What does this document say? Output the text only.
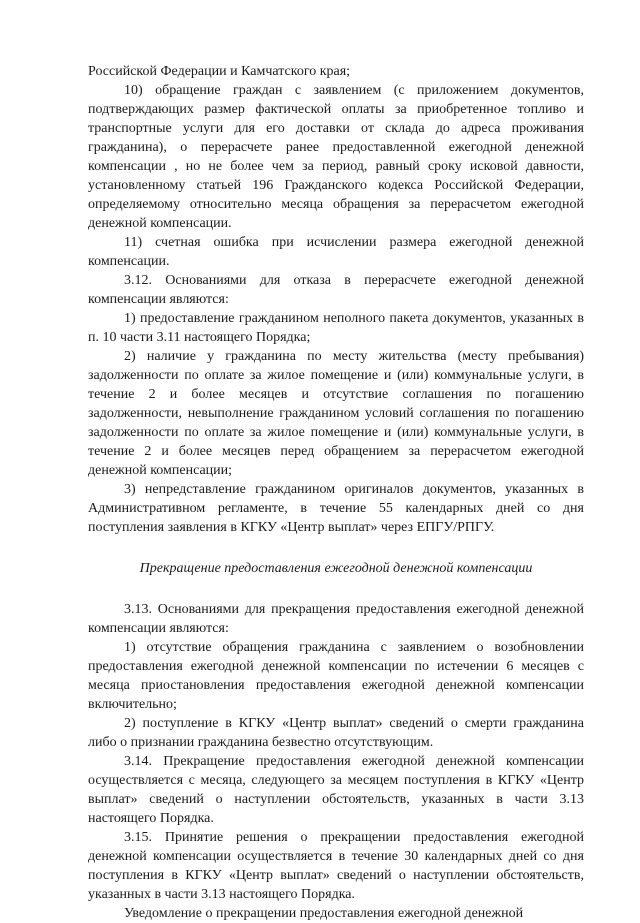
Российской Федерации и Камчатского края;

10) обращение граждан с заявлением (с приложением документов, подтверждающих размер фактической оплаты за приобретенное топливо и транспортные услуги для его доставки от склада до адреса проживания гражданина), о перерасчете ранее предоставленной ежегодной денежной компенсации , но не более чем за период, равный сроку исковой давности, установленному статьей 196 Гражданского кодекса Российской Федерации, определяемому относительно месяца обращения за перерасчетом ежегодной денежной компенсации.

11) счетная ошибка при исчислении размера ежегодной денежной компенсации.

3.12. Основаниями для отказа в перерасчете ежегодной денежной компенсации являются:

1) предоставление гражданином неполного пакета документов, указанных в п. 10 части 3.11 настоящего Порядка;

2) наличие у гражданина по месту жительства (месту пребывания) задолженности по оплате за жилое помещение и (или) коммунальные услуги, в течение 2 и более месяцев и отсутствие соглашения по погашению задолженности, невыполнение гражданином условий соглашения по погашению задолженности по оплате за жилое помещение и (или) коммунальные услуги, в течение 2 и более месяцев перед обращением за перерасчетом ежегодной денежной компенсации;

3) непредставление гражданином оригиналов документов, указанных в Административном регламенте, в течение 55 календарных дней со дня поступления заявления в КГКУ «Центр выплат» через ЕПГУ/РПГУ.

Прекращение предоставления ежегодной денежной компенсации

3.13. Основаниями для прекращения предоставления ежегодной денежной компенсации являются:

1) отсутствие обращения гражданина с заявлением о возобновлении предоставления ежегодной денежной компенсации по истечении 6 месяцев с месяца приостановления предоставления ежегодной денежной компенсации включительно;

2) поступление в КГКУ «Центр выплат» сведений о смерти гражданина либо о признании гражданина безвестно отсутствующим.

3.14. Прекращение предоставления ежегодной денежной компенсации осуществляется с месяца, следующего за месяцем поступления в КГКУ «Центр выплат» сведений о наступлении обстоятельств, указанных в части 3.13 настоящего Порядка.

3.15. Принятие решения о прекращении предоставления ежегодной денежной компенсации осуществляется в течение 30 календарных дней со дня поступления в КГКУ «Центр выплат» сведений о наступлении обстоятельств, указанных в части 3.13 настоящего Порядка.

Уведомление о прекращении предоставления ежегодной денежной
